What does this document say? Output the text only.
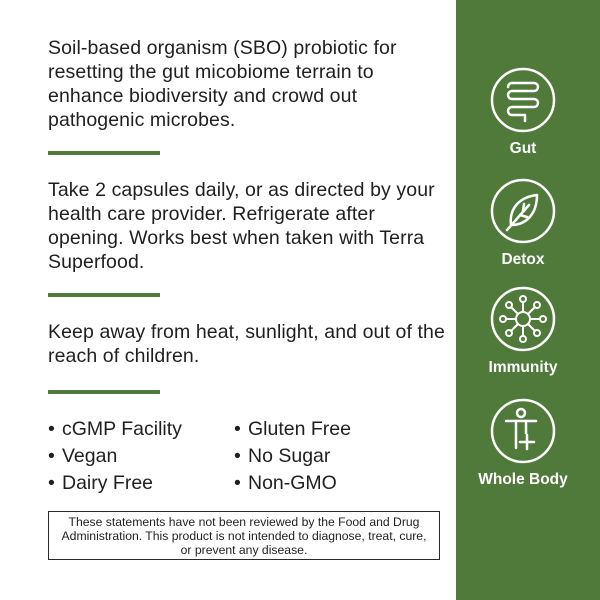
Soil-based organism (SBO) probiotic for resetting the gut micobiome terrain to enhance biodiversity and crowd out pathogenic microbes.

Take 2 capsules daily, or as directed by your health care provider. Refrigerate after opening. Works best when taken with Terra Superfood.

Keep away from heat, sunlight, and out of the reach of children.

• cGMP Facility
• Vegan
• Dairy Free
• Gluten Free
• No Sugar
• Non-GMO
These statements have not been reviewed by the Food and Drug Administration. This product is not intended to diagnose, treat, cure, or prevent any disease.
Gut
Detox
Immunity
Whole Body
